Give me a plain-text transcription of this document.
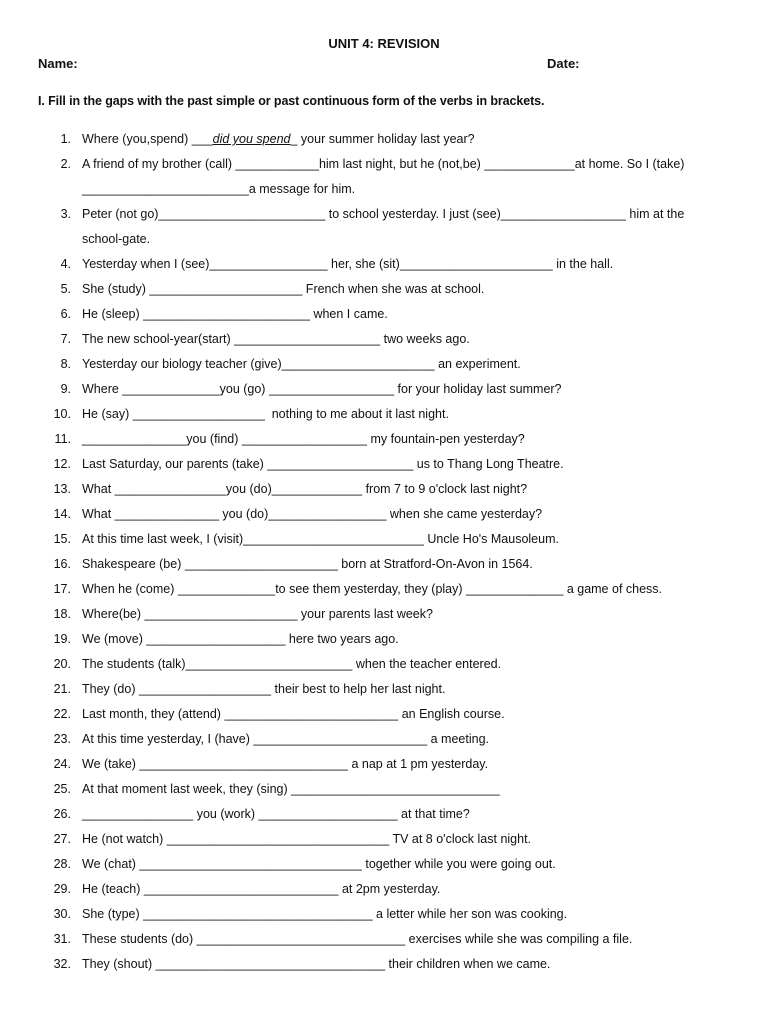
UNIT 4: REVISION
Name:	Date:
I. Fill in the gaps with the past simple or past continuous form of the verbs in brackets.
1. Where (you,spend) ___did you spend_ your summer holiday last year?
2. A friend of my brother (call) ____________him last night, but he (not,be) _____________at home. So I (take) ________________________a message for him.
3. Peter (not go)________________________ to school yesterday. I just (see)__________________ him at the school-gate.
4. Yesterday when I (see)_________________ her, she (sit)______________________ in the hall.
5. She (study) ______________________ French when she was at school.
6. He (sleep) ________________________ when I came.
7. The new school-year(start) _____________________ two weeks ago.
8. Yesterday our biology teacher (give)______________________ an experiment.
9. Where ______________you (go) __________________ for your holiday last summer?
10. He (say) ___________________  nothing to me about it last night.
11. _______________you (find) __________________ my fountain-pen yesterday?
12. Last Saturday, our parents (take) _____________________ us to Thang Long Theatre.
13. What ________________you (do)_____________ from 7 to 9 o'clock last night?
14. What _______________ you (do)_________________ when she came yesterday?
15. At this time last week, I (visit)__________________________ Uncle Ho's Mausoleum.
16. Shakespeare (be) ______________________ born at Stratford-On-Avon in 1564.
17. When he (come) ______________to see them yesterday, they (play) ______________ a game of chess.
18. Where(be) ______________________ your parents last week?
19. We (move) ____________________ here two years ago.
20. The students (talk)________________________ when the teacher entered.
21. They (do) ___________________ their best to help her last night.
22. Last month, they (attend) _________________________ an English course.
23. At this time yesterday, I (have) _________________________ a meeting.
24. We (take) ______________________________ a nap at 1 pm yesterday.
25. At that moment last week, they (sing) ______________________________
26. ________________ you (work) ____________________ at that time?
27. He (not watch) ________________________________ TV at 8 o'clock last night.
28. We (chat) ________________________________ together while you were going out.
29. He (teach) ____________________________ at 2pm yesterday.
30. She (type) _________________________________ a letter while her son was cooking.
31. These students (do) ______________________________ exercises while she was compiling a file.
32. They (shout) _________________________________ their children when we came.
